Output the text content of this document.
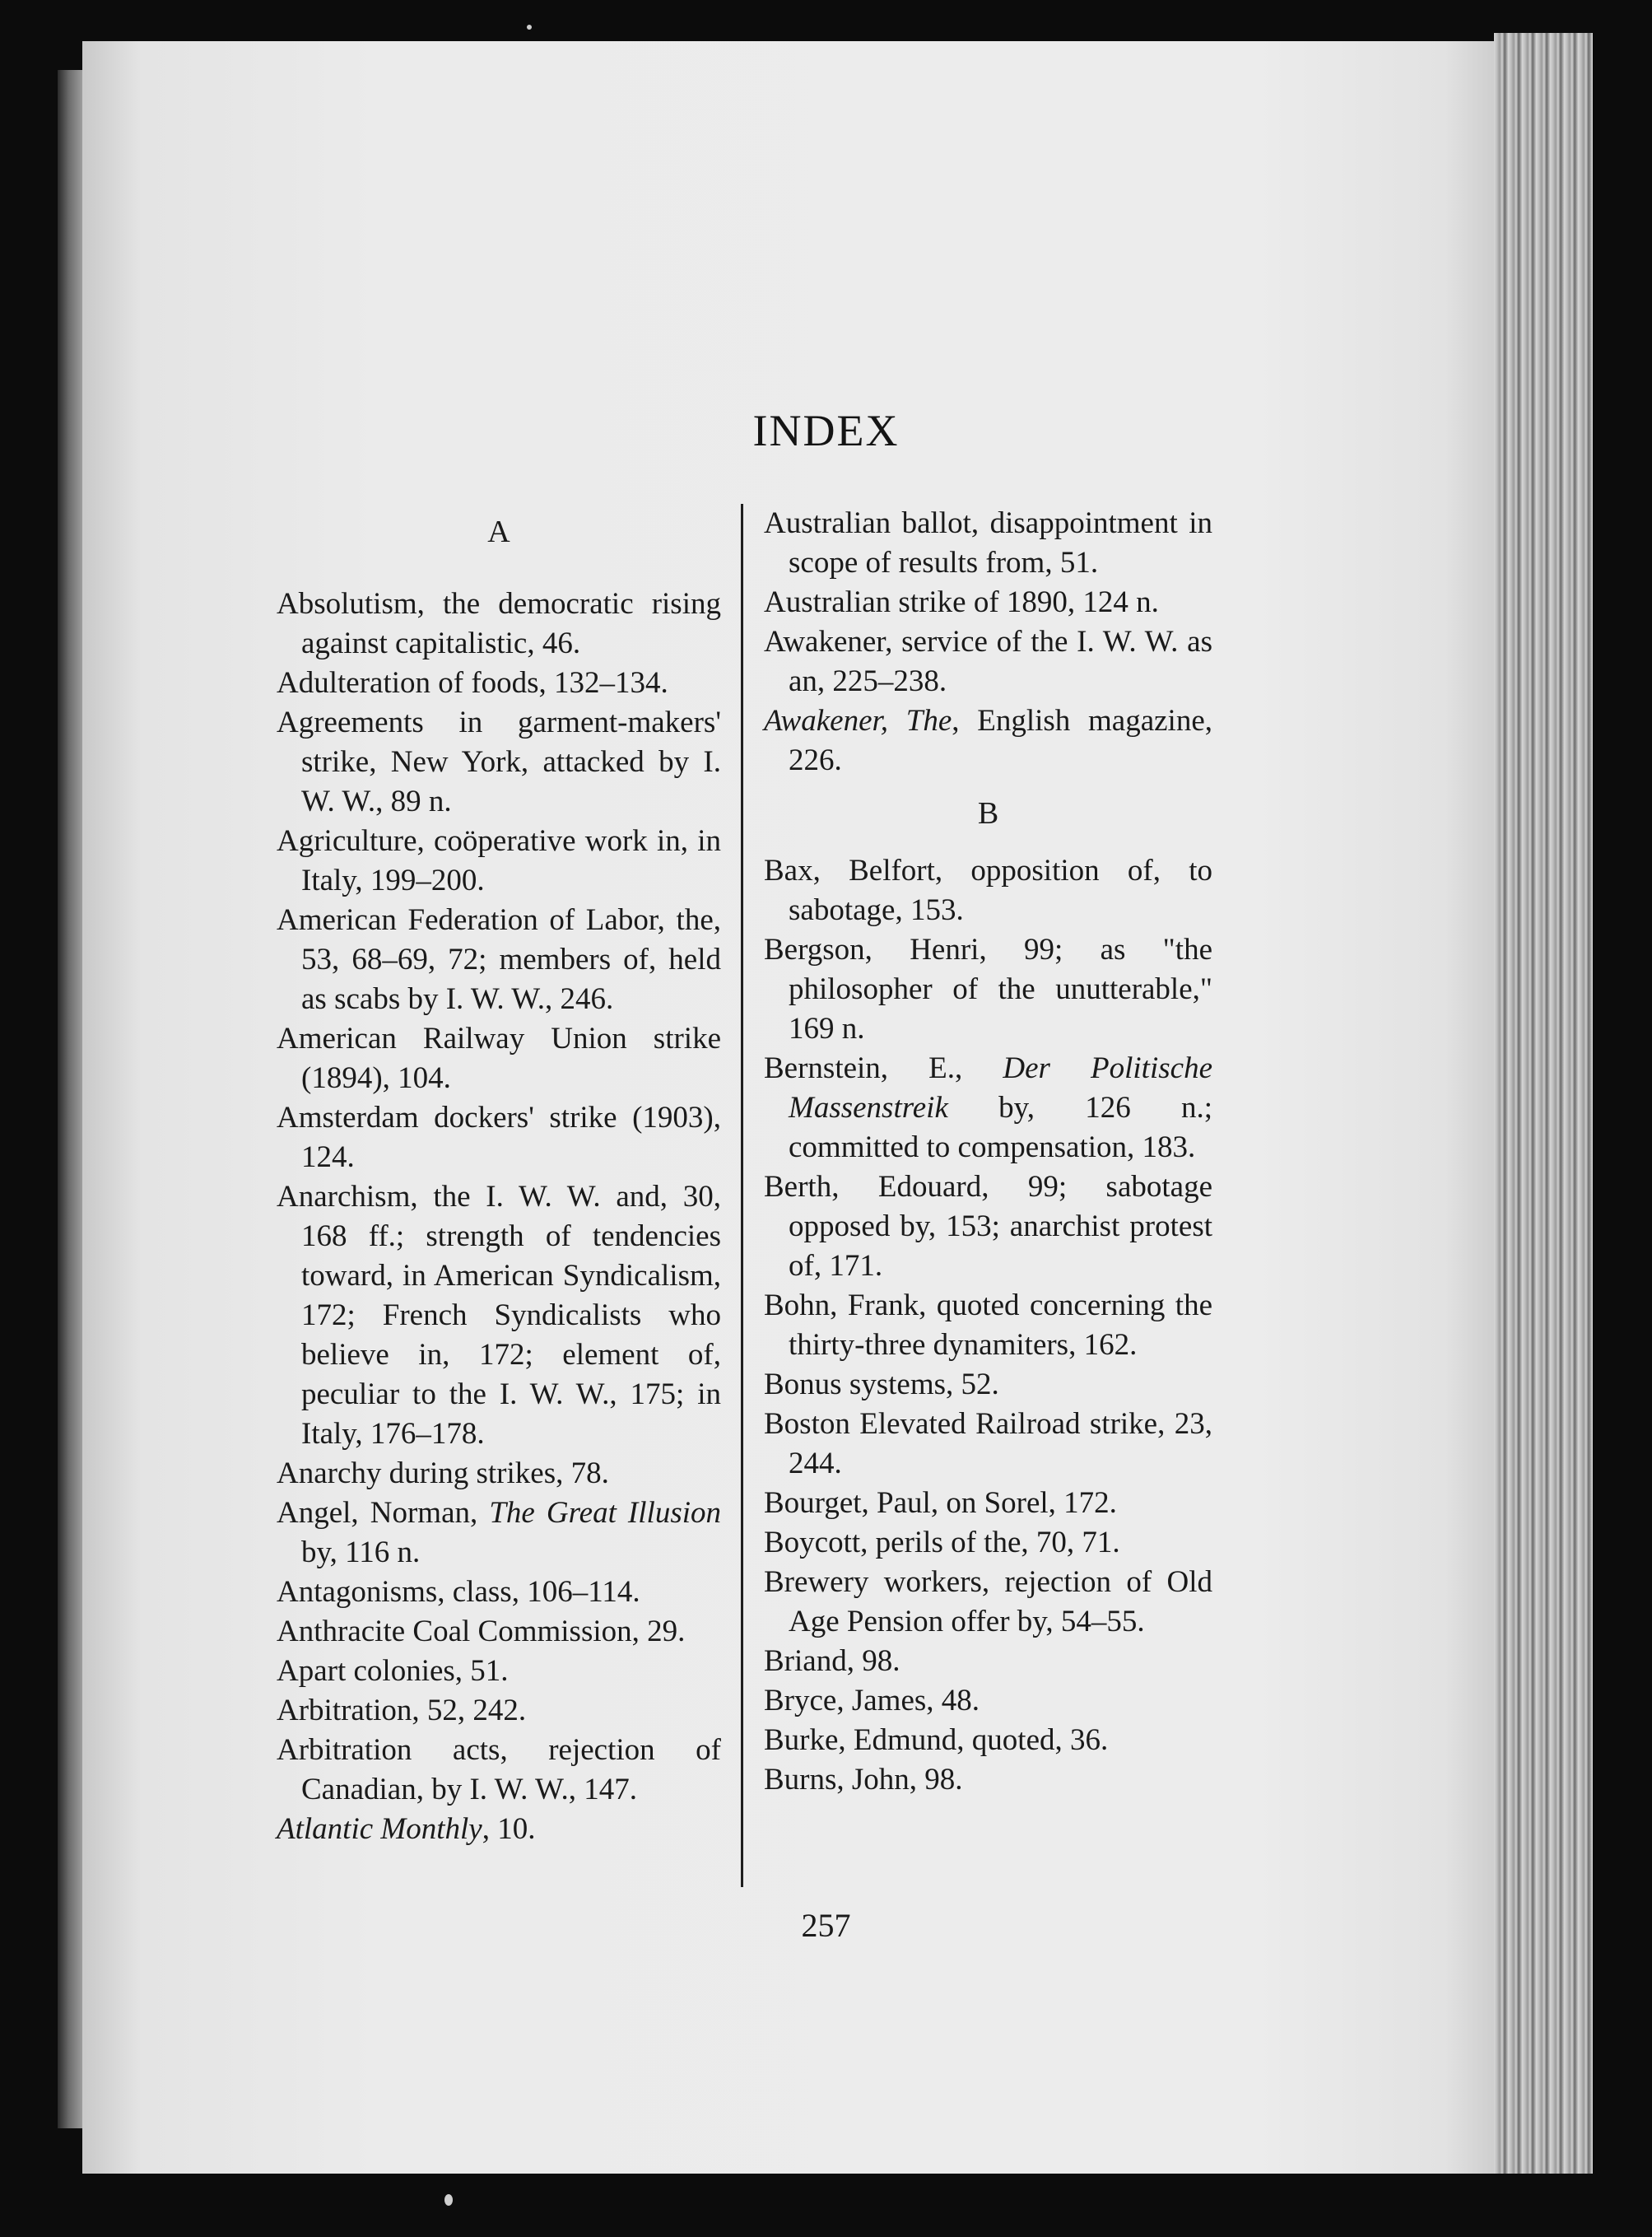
INDEX
A

Absolutism, the democratic rising against capitalistic, 46.

Adulteration of foods, 132–134.

Agreements in garment-makers' strike, New York, attacked by I. W. W., 89 n.

Agriculture, coöperative work in, in Italy, 199–200.

American Federation of Labor, the, 53, 68–69, 72; members of, held as scabs by I. W. W., 246.

American Railway Union strike (1894), 104.

Amsterdam dockers' strike (1903), 124.

Anarchism, the I. W. W. and, 30, 168 ff.; strength of tendencies toward, in American Syndicalism, 172; French Syndicalists who believe in, 172; element of, peculiar to the I. W. W., 175; in Italy, 176–178.

Anarchy during strikes, 78.

Angel, Norman, The Great Illusion by, 116 n.

Antagonisms, class, 106–114.

Anthracite Coal Commission, 29.

Apart colonies, 51.

Arbitration, 52, 242.

Arbitration acts, rejection of Canadian, by I. W. W., 147.

Atlantic Monthly, 10.

Australian ballot, disappointment in scope of results from, 51.

Australian strike of 1890, 124 n.

Awakener, service of the I. W. W. as an, 225–238.

Awakener, The, English magazine, 226.

B

Bax, Belfort, opposition of, to sabotage, 153.

Bergson, Henri, 99; as "the philosopher of the unutterable," 169 n.

Bernstein, E., Der Politische Massenstreik by, 126 n.; committed to compensation, 183.

Berth, Edouard, 99; sabotage opposed by, 153; anarchist protest of, 171.

Bohn, Frank, quoted concerning the thirty-three dynamiters, 162.

Bonus systems, 52.

Boston Elevated Railroad strike, 23, 244.

Bourget, Paul, on Sorel, 172.

Boycott, perils of the, 70, 71.

Brewery workers, rejection of Old Age Pension offer by, 54–55.

Briand, 98.

Bryce, James, 48.

Burke, Edmund, quoted, 36.

Burns, John, 98.

257
